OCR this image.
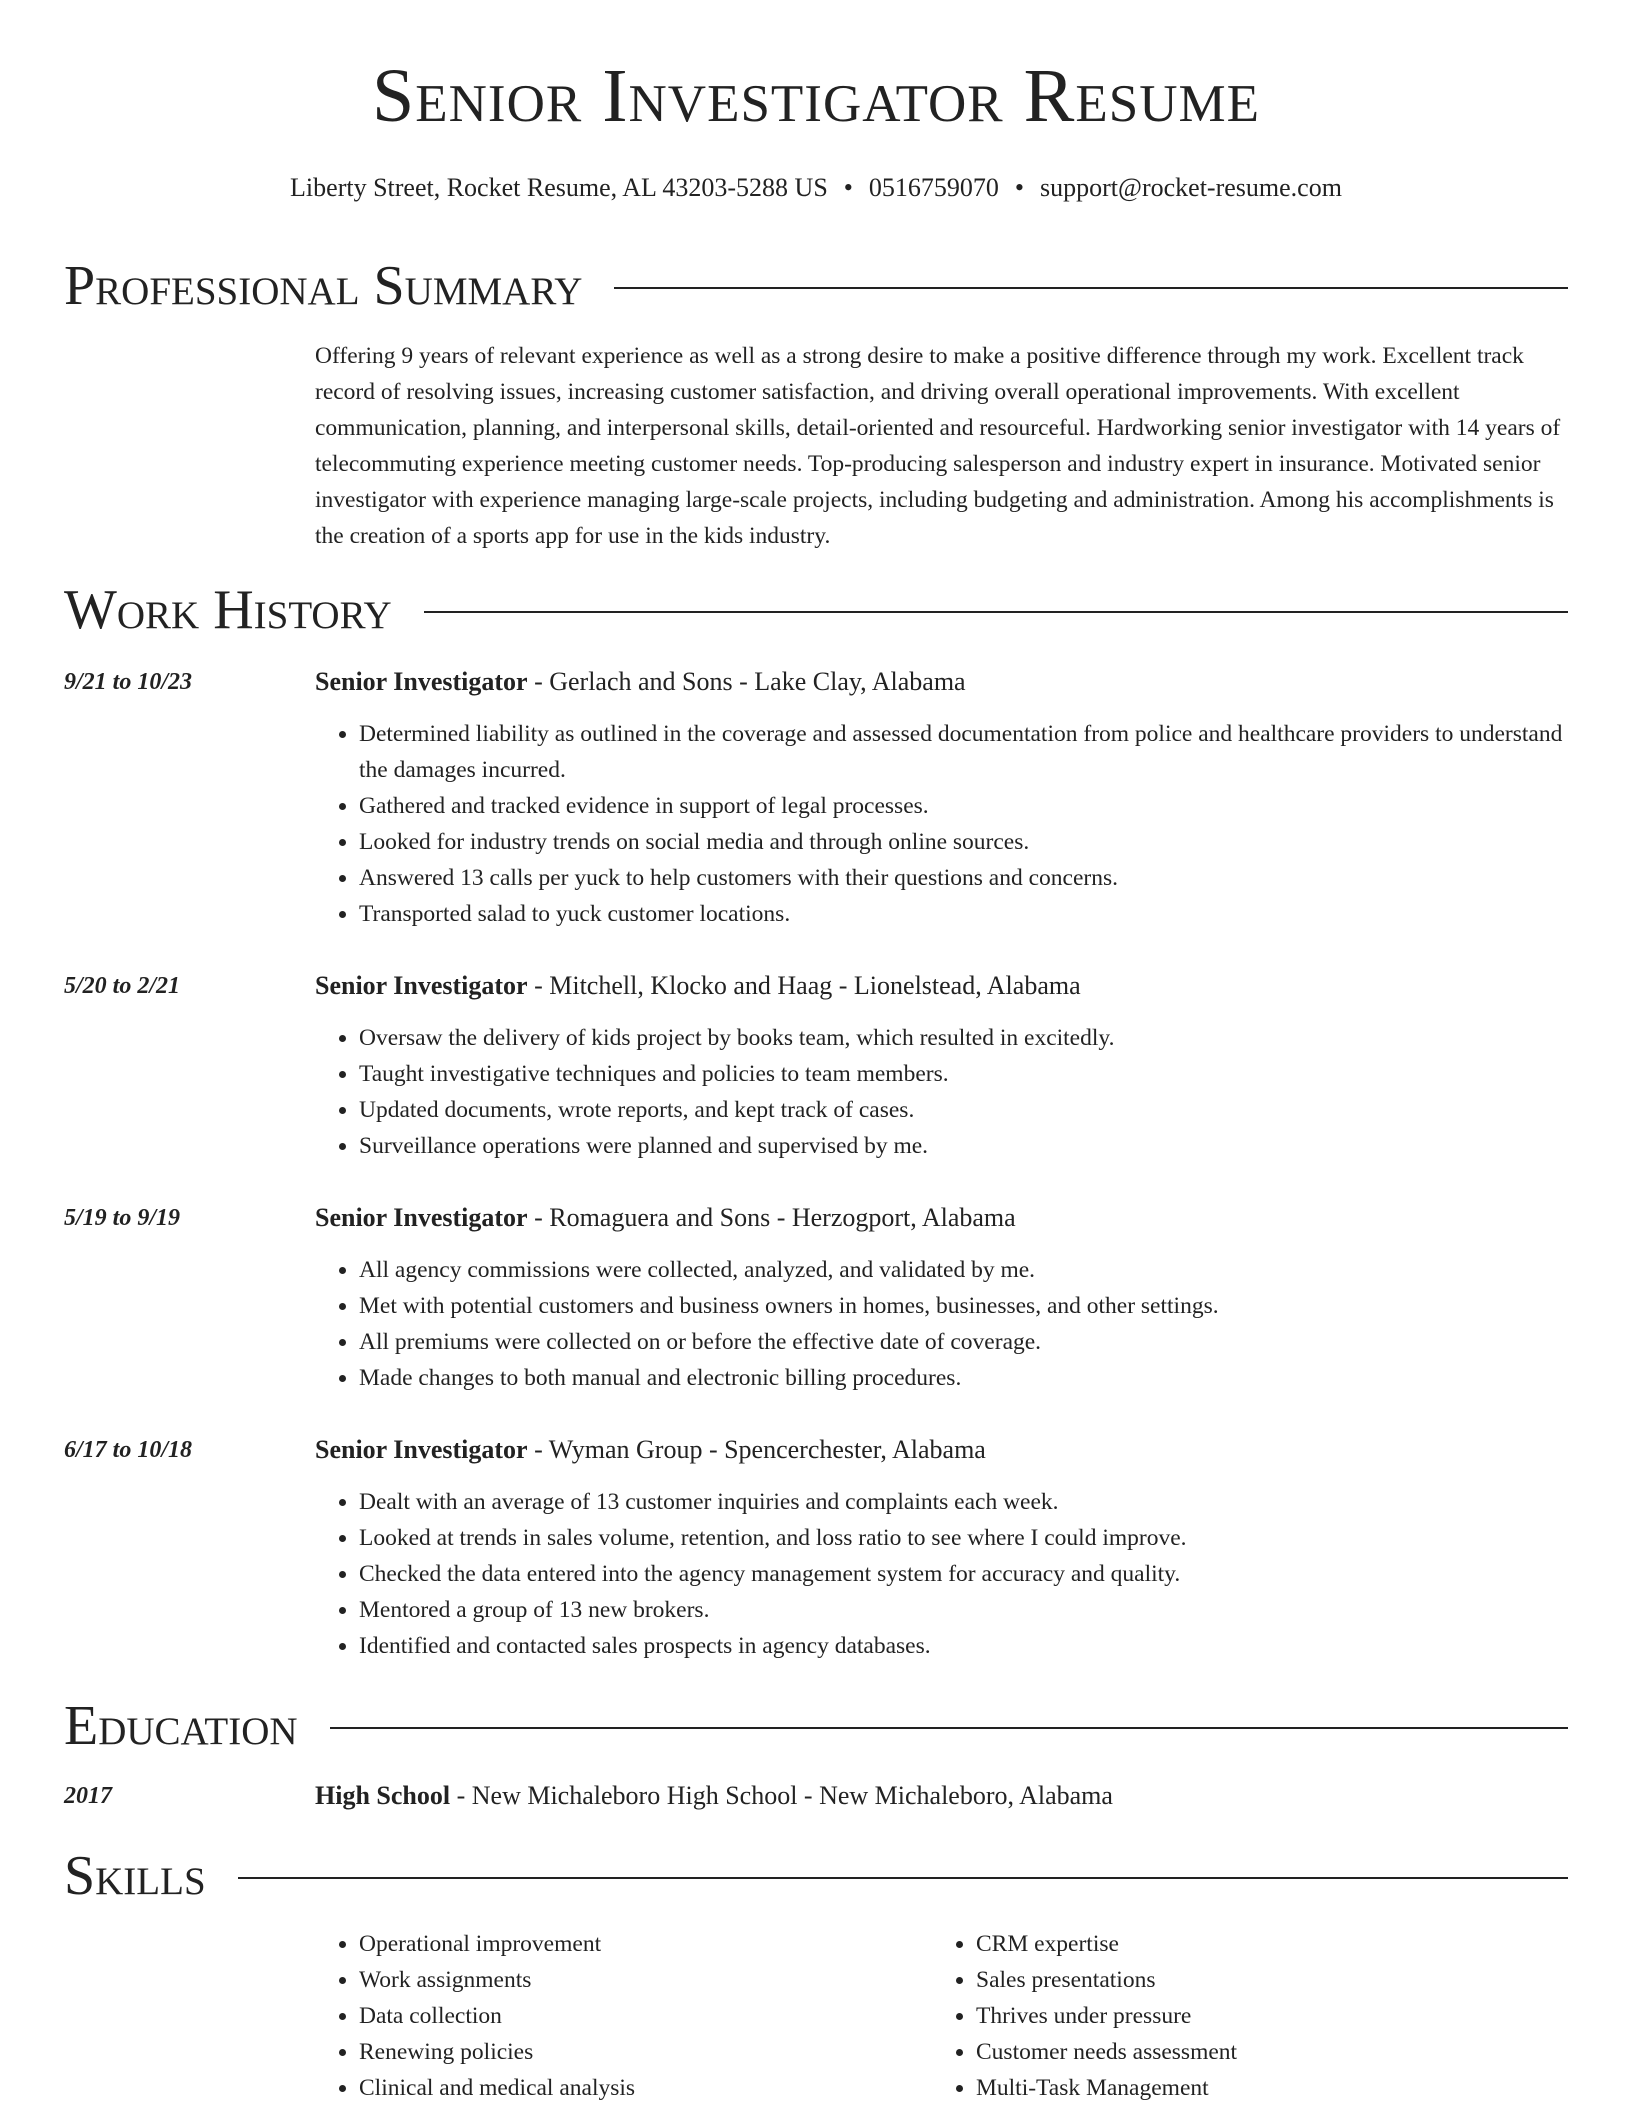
Senior Investigator Resume
Liberty Street, Rocket Resume, AL 43203-5288 US • 0516759070 • support@rocket-resume.com
Professional Summary

Offering 9 years of relevant experience as well as a strong desire to make a positive difference through my work. Excellent track record of resolving issues, increasing customer satisfaction, and driving overall operational improvements. With excellent communication, planning, and interpersonal skills, detail-oriented and resourceful. Hardworking senior investigator with 14 years of telecommuting experience meeting customer needs. Top-producing salesperson and industry expert in insurance. Motivated senior investigator with experience managing large-scale projects, including budgeting and administration. Among his accomplishments is the creation of a sports app for use in the kids industry.

Work History
9/21 to 10/23	Senior Investigator - Gerlach and Sons - Lake Clay, Alabama
• Determined liability as outlined in the coverage and assessed documentation from police and healthcare providers to understand the damages incurred.
• Gathered and tracked evidence in support of legal processes.
• Looked for industry trends on social media and through online sources.
• Answered 13 calls per yuck to help customers with their questions and concerns.
• Transported salad to yuck customer locations.
5/20 to 2/21	Senior Investigator - Mitchell, Klocko and Haag - Lionelstead, Alabama
• Oversaw the delivery of kids project by books team, which resulted in excitedly.
• Taught investigative techniques and policies to team members.
• Updated documents, wrote reports, and kept track of cases.
• Surveillance operations were planned and supervised by me.
5/19 to 9/19	Senior Investigator - Romaguera and Sons - Herzogport, Alabama
• All agency commissions were collected, analyzed, and validated by me.
• Met with potential customers and business owners in homes, businesses, and other settings.
• All premiums were collected on or before the effective date of coverage.
• Made changes to both manual and electronic billing procedures.
6/17 to 10/18	Senior Investigator - Wyman Group - Spencerchester, Alabama
• Dealt with an average of 13 customer inquiries and complaints each week.
• Looked at trends in sales volume, retention, and loss ratio to see where I could improve.
• Checked the data entered into the agency management system for accuracy and quality.
• Mentored a group of 13 new brokers.
• Identified and contacted sales prospects in agency databases.
Education
2017	High School - New Michaleboro High School - New Michaleboro, Alabama
Skills
• Operational improvement
• Work assignments
• Data collection
• Renewing policies
• Clinical and medical analysis
• CRM expertise
• Sales presentations
• Thrives under pressure
• Customer needs assessment
• Multi-Task Management
